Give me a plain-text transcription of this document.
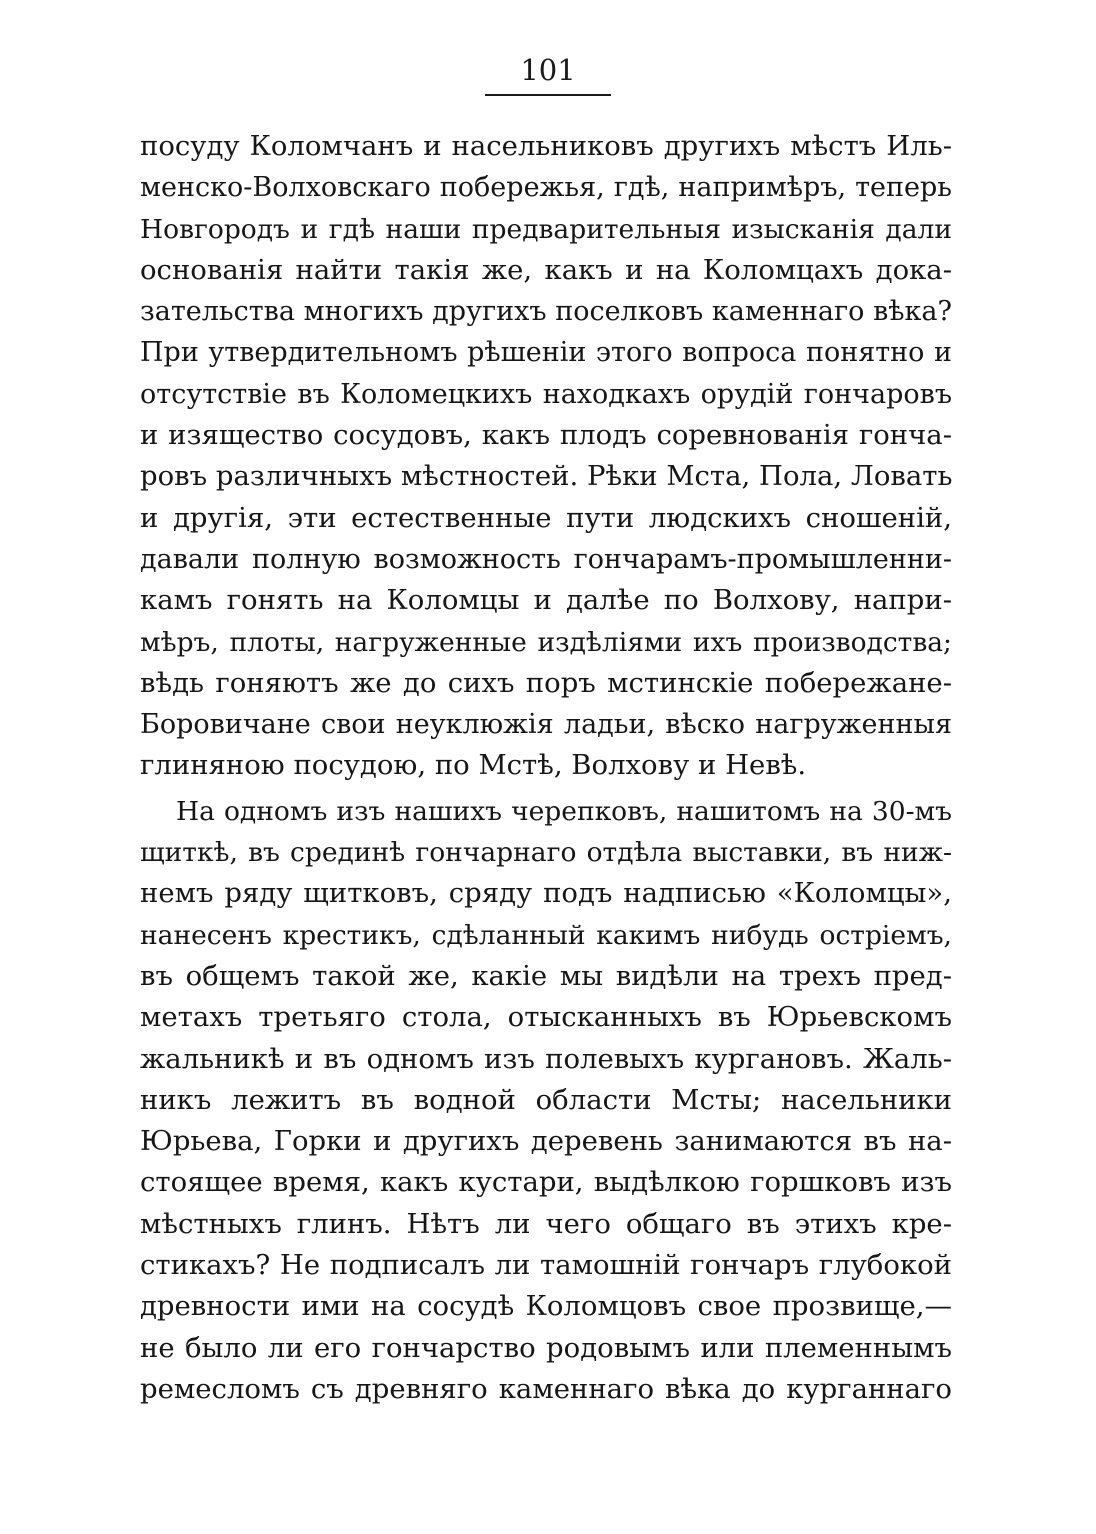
101
посуду Коломчанъ и насельниковъ другихъ мѣстъ Иль-
менско-Волховскаго побережья, гдѣ, напримѣръ, теперь
Новгородъ и гдѣ наши предварительныя изысканія дали
основанія найти такія же, какъ и на Коломцахъ дока-
зательства многихъ другихъ поселковъ каменнаго вѣка?
При утвердительномъ рѣшеніи этого вопроса понятно и
отсутствіе въ Коломецкихъ находкахъ орудій гончаровъ
и изящество сосудовъ, какъ плодъ соревнованія гонча-
ровъ различныхъ мѣстностей. Рѣки Мста, Пола, Ловать
и другія, эти естественные пути людскихъ сношеній,
давали полную возможность гончарамъ-промышленни-
камъ гонять на Коломцы и далѣе по Волхову, напри-
мѣръ, плоты, нагруженные издѣліями ихъ производства;
вѣдь гоняютъ же до сихъ поръ мстинскіе побережане-
Боровичане свои неуклюжія ладьи, вѣско нагруженныя
глиняною посудою, по Мстѣ, Волхову и Невѣ.
На одномъ изъ нашихъ черепковъ, нашитомъ на 30-мъ
щиткѣ, въ срединѣ гончарнаго отдѣла выставки, въ ниж-
немъ ряду щитковъ, сряду подъ надписью «Коломцы»,
нанесенъ крестикъ, сдѣланный какимъ нибудь остріемъ,
въ общемъ такой же, какіе мы видѣли на трехъ пред-
метахъ третьяго стола, отысканныхъ въ Юрьевскомъ
жальникѣ и въ одномъ изъ полевыхъ кургановъ. Жаль-
никъ лежитъ въ водной области Мсты; насельники
Юрьева, Горки и другихъ деревень занимаются въ на-
стоящее время, какъ кустари, выдѣлкою горшковъ изъ
мѣстныхъ глинъ. Нѣтъ ли чего общаго въ этихъ кре-
стикахъ? Не подписалъ ли тамошній гончаръ глубокой
древности ими на сосудѣ Коломцовъ свое прозвище,—
не было ли его гончарство родовымъ или племеннымъ
ремесломъ съ древняго каменнаго вѣка до курганнаго
